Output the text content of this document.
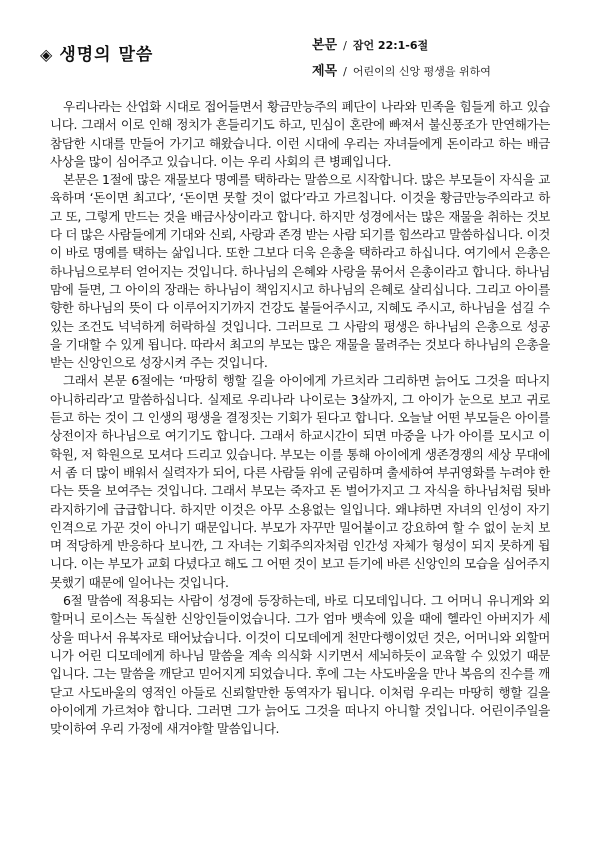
◈ 생명의 말씀	본문 / 잠언 22:1-6절
제목 / 어린이의 신앙 평생을 위하여

우리나라는 산업화 시대로 접어들면서 황금만능주의 폐단이 나라와 민족을 힘들게 하고 있습니다. 그래서 이로 인해 정치가 흔들리기도 하고, 민심이 혼란에 빠져서 불신풍조가 만연해가는 참담한 시대를 만들어 가기고 해왔습니다. 이런 시대에 우리는 자녀들에게 돈이라고 하는 배금사상을 많이 심어주고 있습니다. 이는 우리 사회의 큰 병폐입니다.

본문은 1절에 많은 재물보다 명예를 택하라는 말씀으로 시작합니다. 많은 부모들이 자식을 교육하며 ‘돈이면 최고다’, ‘돈이면 못할 것이 없다’라고 가르칩니다. 이것을 황금만능주의라고 하고 또, 그렇게 만드는 것을 배금사상이라고 합니다. 하지만 성경에서는 많은 재물을 취하는 것보다 더 많은 사람들에게 기대와 신뢰, 사랑과 존경 받는 사람 되기를 힘쓰라고 말씀하십니다. 이것이 바로 명예를 택하는 삶입니다. 또한 그보다 더욱 은총을 택하라고 하십니다. 여기에서 은총은 하나님으로부터 얻어지는 것입니다. 하나님의 은혜와 사랑을 묶어서 은총이라고 합니다. 하나님 맘에 들면, 그 아이의 장래는 하나님이 책임지시고 하나님의 은혜로 살리십니다. 그리고 아이를 향한 하나님의 뜻이 다 이루어지기까지 건강도 붙들어주시고, 지혜도 주시고, 하나님을 섬길 수 있는 조건도 넉넉하게 허락하실 것입니다. 그러므로 그 사람의 평생은 하나님의 은총으로 성공을 기대할 수 있게 됩니다. 따라서 최고의 부모는 많은 재물을 물려주는 것보다 하나님의 은총을 받는 신앙인으로 성장시켜 주는 것입니다.

그래서 본문 6절에는 ‘마땅히 행할 길을 아이에게 가르치라 그리하면 늙어도 그것을 떠나지 아니하리라’고 말씀하십니다. 실제로 우리나라 나이로는 3살까지, 그 아이가 눈으로 보고 귀로 듣고 하는 것이 그 인생의 평생을 결정짓는 기회가 된다고 합니다. 오늘날 어떤 부모들은 아이를 상전이자 하나님으로 여기기도 합니다. 그래서 하교시간이 되면 마중을 나가 아이를 모시고 이 학원, 저 학원으로 모셔다 드리고 있습니다. 부모는 이를 통해 아이에게 생존경쟁의 세상 무대에서 좀 더 많이 배워서 실력자가 되어, 다른 사람들 위에 군림하며 출세하여 부귀영화를 누려야 한다는 뜻을 보여주는 것입니다. 그래서 부모는 죽자고 돈 벌어가지고 그 자식을 하나님처럼 뒷바라지하기에 급급합니다. 하지만 이것은 아무 소용없는 일입니다. 왜냐하면 자녀의 인성이 자기 인격으로 가꾼 것이 아니기 때문입니다. 부모가 자꾸만 밀어붙이고 강요하여 할 수 없이 눈치 보며 적당하게 반응하다 보니깐, 그 자녀는 기회주의자처럼 인간성 자체가 형성이 되지 못하게 됩니다. 이는 부모가 교회 다녔다고 해도 그 어떤 것이 보고 듣기에 바른 신앙인의 모습을 심어주지 못했기 때문에 일어나는 것입니다.

6절 말씀에 적용되는 사람이 성경에 등장하는데, 바로 디모데입니다. 그 어머니 유니게와 외할머니 로이스는 독실한 신앙인들이었습니다. 그가 엄마 뱃속에 있을 때에 헬라인 아버지가 세상을 떠나서 유복자로 태어났습니다. 이것이 디모데에게 천만다행이었던 것은, 어머니와 외할머니가 어린 디모데에게 하나님 말씀을 계속 의식화 시키면서 세뇌하듯이 교육할 수 있었기 때문입니다. 그는 말씀을 깨닫고 믿어지게 되었습니다. 후에 그는 사도바울을 만나 복음의 진수를 깨닫고 사도바울의 영적인 아들로 신뢰할만한 동역자가 됩니다. 이처럼 우리는 마땅히 행할 길을 아이에게 가르쳐야 합니다. 그러면 그가 늙어도 그것을 떠나지 아니할 것입니다. 어린이주일을 맞이하여 우리 가정에 새겨야할 말씀입니다.
